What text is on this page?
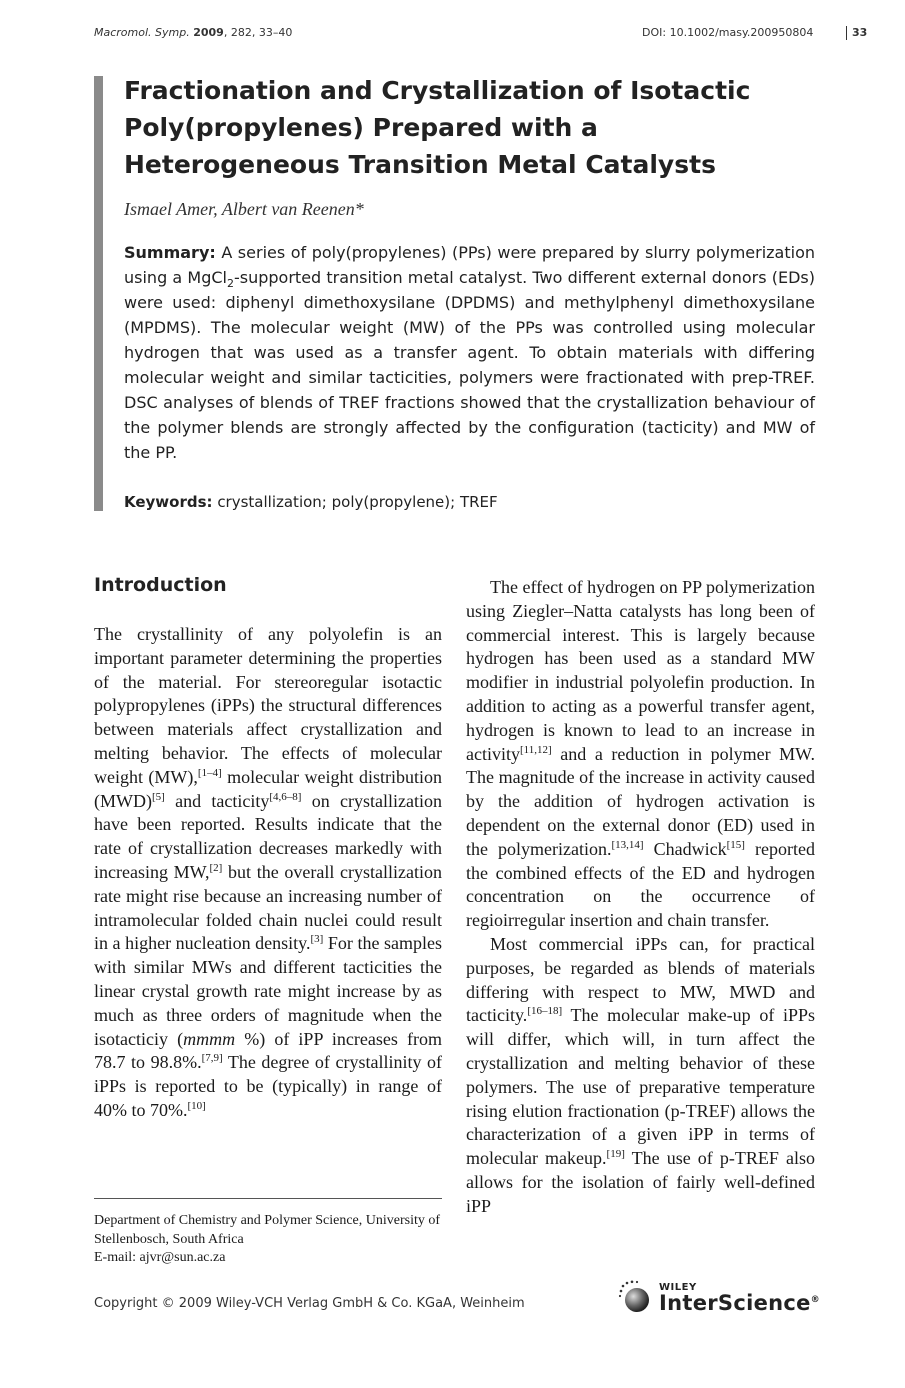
Macromol. Symp. 2009, 282, 33–40	DOI: 10.1002/masy.200950804	33
Fractionation and Crystallization of Isotactic Poly(propylenes) Prepared with a Heterogeneous Transition Metal Catalysts
Ismael Amer, Albert van Reenen*

Summary: A series of poly(propylenes) (PPs) were prepared by slurry polymerization using a MgCl$_2$-supported transition metal catalyst. Two different external donors (EDs) were used: diphenyl dimethoxysilane (DPDMS) and methylphenyl dimethoxysilane (MPDMS). The molecular weight (MW) of the PPs was controlled using molecular hydrogen that was used as a transfer agent. To obtain materials with differing molecular weight and similar tacticities, polymers were fractionated with prep-TREF. DSC analyses of blends of TREF fractions showed that the crystallization behaviour of the polymer blends are strongly affected by the configuration (tacticity) and MW of the PP.

Keywords: crystallization; poly(propylene); TREF

Introduction

The crystallinity of any polyolefin is an important parameter determining the properties of the material. For stereoregular isotactic polypropylenes (iPPs) the structural differences between materials affect crystallization and melting behavior. The effects of molecular weight (MW),[1–4] molecular weight distribution (MWD)[5] and tacticity[4,6–8] on crystallization have been reported. Results indicate that the rate of crystallization decreases markedly with increasing MW,[2] but the overall crystallization rate might rise because an increasing number of intramolecular folded chain nuclei could result in a higher nucleation density.[3] For the samples with similar MWs and different tacticities the linear crystal growth rate might increase by as much as three orders of magnitude when the isotacticiy (mmmm %) of iPP increases from 78.7 to 98.8%.[7,9] The degree of crystallinity of iPPs is reported to be (typically) in range of 40% to 70%.[10]

Department of Chemistry and Polymer Science, University of Stellenbosch, South Africa
E-mail: ajvr@sun.ac.za

The effect of hydrogen on PP polymerization using Ziegler–Natta catalysts has long been of commercial interest. This is largely because hydrogen has been used as a standard MW modifier in industrial polyolefin production. In addition to acting as a powerful transfer agent, hydrogen is known to lead to an increase in activity[11,12] and a reduction in polymer MW. The magnitude of the increase in activity caused by the addition of hydrogen activation is dependent on the external donor (ED) used in the polymerization.[13,14] Chadwick[15] reported the combined effects of the ED and hydrogen concentration on the occurrence of regioirregular insertion and chain transfer.

Most commercial iPPs can, for practical purposes, be regarded as blends of materials differing with respect to MW, MWD and tacticity.[16–18] The molecular make-up of iPPs will differ, which will, in turn affect the crystallization and melting behavior of these polymers. The use of preparative temperature rising elution fractionation (p-TREF) allows the characterization of a given iPP in terms of molecular makeup.[19] The use of p-TREF also allows for the isolation of fairly well-defined iPP

Copyright © 2009 Wiley-VCH Verlag GmbH & Co. KGaA, Weinheim
WILEY
InterScience®
